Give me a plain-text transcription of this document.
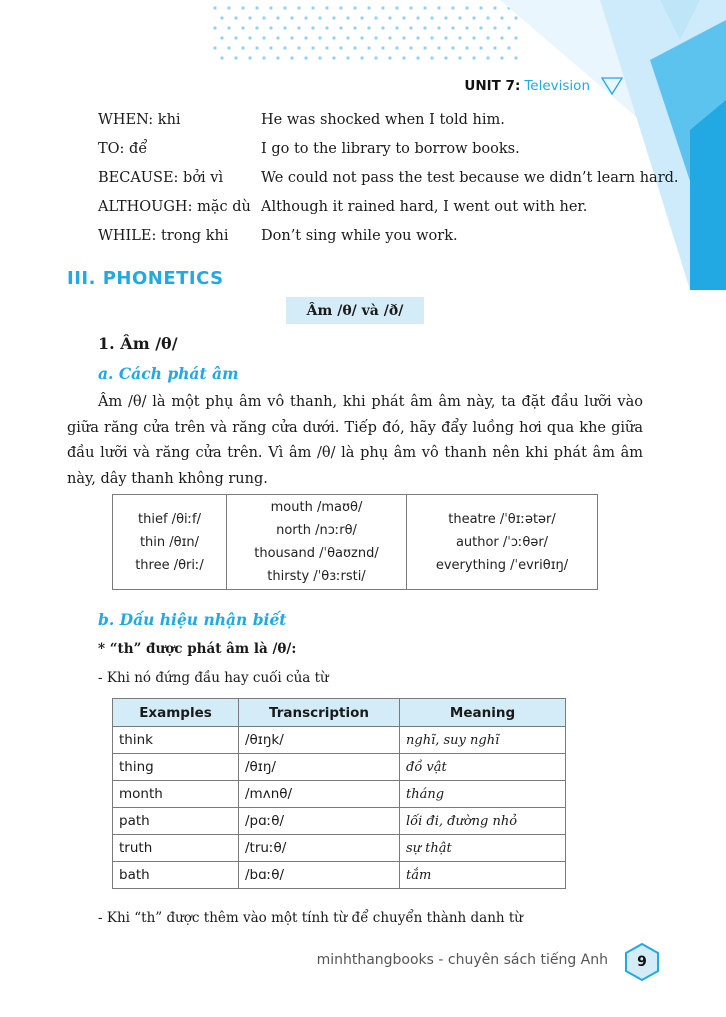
UNIT 7: Television
WHEN: khi	He was shocked when I told him.
TO: để	I go to the library to borrow books.
BECAUSE: bởi vì	We could not pass the test because we didn’t learn hard.
ALTHOUGH: mặc dù Although it rained hard, I went out with her.
WHILE: trong khi	Don’t sing while you work.
III. PHONETICS
Âm /θ/ và /ð/
1. Âm /θ/
a. Cách phát âm
Âm /θ/ là một phụ âm vô thanh, khi phát âm âm này, ta đặt đầu lưỡi vào giữa răng cửa trên và răng cửa dưới. Tiếp đó, hãy đẩy luồng hơi qua khe giữa đầu lưỡi và răng cửa trên. Vì âm /θ/ là phụ âm vô thanh nên khi phát âm âm này, dây thanh không rung.
thief /θiːf/
thin /θɪn/
three /θriː/

mouth /maʊθ/
north /nɔːrθ/
thousand /ˈθaʊznd/
thirsty /ˈθɜːrsti/

theatre /ˈθɪːətər/
author /ˈɔːθər/
everything /ˈevriθɪŋ/
b. Dấu hiệu nhận biết
* “th” được phát âm là /θ/:
- Khi nó đứng đầu hay cuối của từ
Examples	Transcription	Meaning
think	/θɪŋk/	nghĩ, suy nghĩ
thing	/θɪŋ/	đồ vật
month	/mʌnθ/	tháng
path	/pɑːθ/	lối đi, đường nhỏ
truth	/truːθ/	sự thật
bath	/bɑːθ/	tắm
- Khi “th” được thêm vào một tính từ để chuyển thành danh từ
minhthangbooks - chuyên sách tiếng Anh	9
